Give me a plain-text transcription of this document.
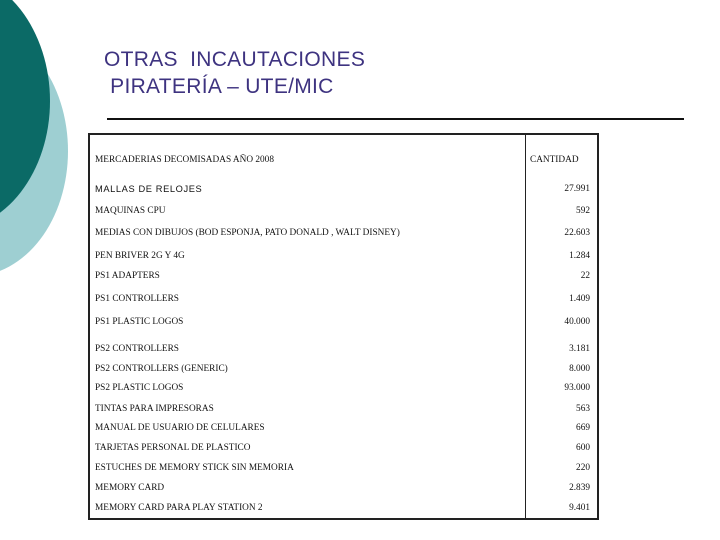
OTRAS  INCAUTACIONES
PIRATERÍA – UTE/MIC
MERCADERIAS DECOMISADAS AÑO 2008	CANTIDAD
MALLAS DE RELOJES	27.991
MAQUINAS CPU	592
MEDIAS CON DIBUJOS (BOD ESPONJA, PATO DONALD , WALT DISNEY)	22.603
PEN BRIVER 2G Y 4G	1.284
PS1 ADAPTERS	22
PS1 CONTROLLERS	1.409
PS1 PLASTIC LOGOS	40.000
PS2 CONTROLLERS	3.181
PS2 CONTROLLERS (GENERIC)	8.000
PS2 PLASTIC LOGOS	93.000
TINTAS PARA IMPRESORAS	563
MANUAL DE USUARIO DE CELULARES	669
TARJETAS PERSONAL DE PLASTICO	600
ESTUCHES DE MEMORY STICK SIN MEMORIA	220
MEMORY CARD	2.839
MEMORY CARD PARA PLAY STATION 2	9.401
